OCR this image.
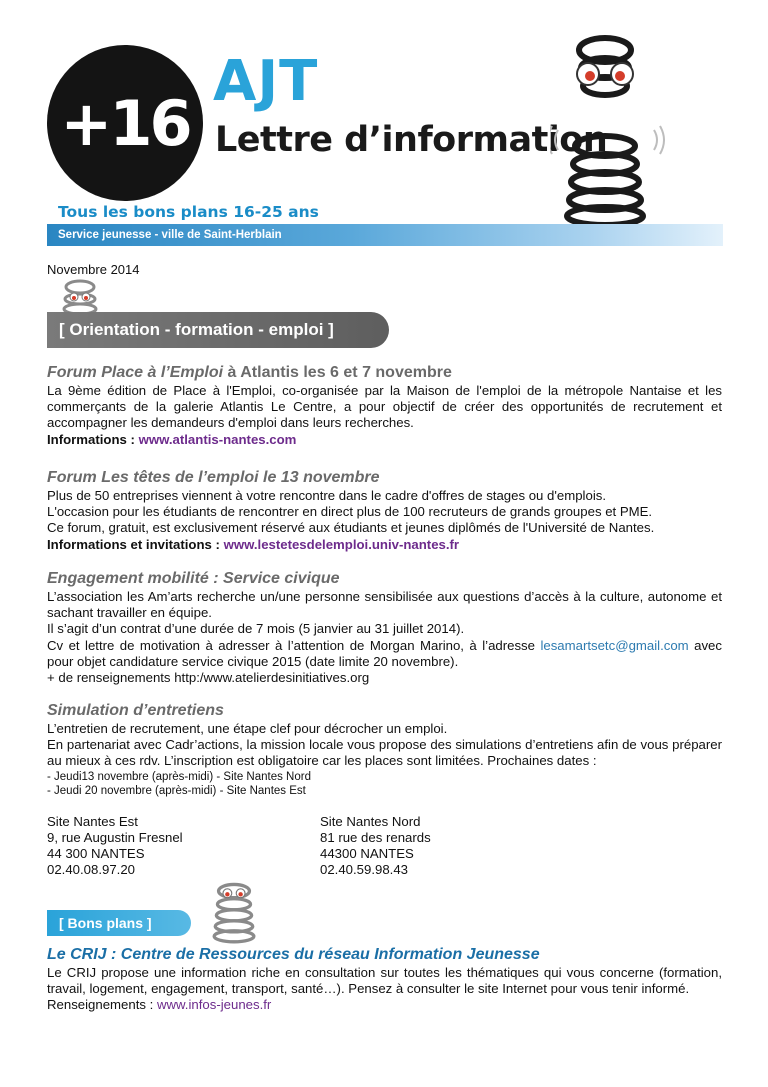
+16
AJT
Lettre d’information
Tous les bons plans 16-25 ans
Service jeunesse - ville de Saint-Herblain
Novembre 2014
[ Orientation - formation - emploi ]
Forum Place à l’Emploi à Atlantis les 6 et 7 novembre
La 9ème édition de Place à l'Emploi, co-organisée par la Maison de l'emploi de la métropole Nantaise et les commerçants de la galerie Atlantis Le Centre, a pour objectif de créer des opportunités de recrutement et accompagner les demandeurs d'emploi dans leurs recherches.
Informations : www.atlantis-nantes.com
Forum Les têtes de l’emploi le 13 novembre
Plus de 50 entreprises viennent à votre rencontre dans le cadre d'offres de stages ou d'emplois.
L'occasion pour les étudiants de rencontrer en direct plus de 100 recruteurs de grands groupes et PME.
Ce forum, gratuit, est exclusivement réservé aux étudiants et jeunes diplômés de l'Université de Nantes.
Informations et invitations : www.lestetesdelemploi.univ-nantes.fr
Engagement mobilité : Service civique
L’association les Am’arts recherche un/une personne sensibilisée aux questions d’accès à la culture, autonome et sachant travailler en équipe.
Il s’agit d’un contrat d’une durée de 7 mois (5 janvier au 31 juillet 2014).
Cv et lettre de motivation à adresser à l’attention de Morgan Marino, à l’adresse lesamartsetc@gmail.com avec pour objet candidature service civique 2015 (date limite 20 novembre).
+ de renseignements http:/www.atelierdesinitiatives.org
Simulation d’entretiens
L’entretien de recrutement, une étape clef pour décrocher un emploi.
En partenariat avec Cadr’actions, la mission locale vous propose des simulations d’entretiens afin de vous préparer au mieux à ces rdv. L’inscription est obligatoire car les places sont limitées. Prochaines dates :
- Jeudi13 novembre (après-midi) - Site Nantes Nord
- Jeudi 20 novembre (après-midi) - Site Nantes Est
Site Nantes Est
9, rue Augustin Fresnel
44 300 NANTES
02.40.08.97.20
Site Nantes Nord
81 rue des renards
44300 NANTES
02.40.59.98.43
[ Bons plans ]
Le CRIJ : Centre de Ressources du réseau Information Jeunesse
Le CRIJ propose une information riche en consultation sur toutes les thématiques qui vous concerne (formation, travail, logement, engagement, transport, santé…). Pensez à consulter le site Internet pour vous tenir informé.
Renseignements : www.infos-jeunes.fr
